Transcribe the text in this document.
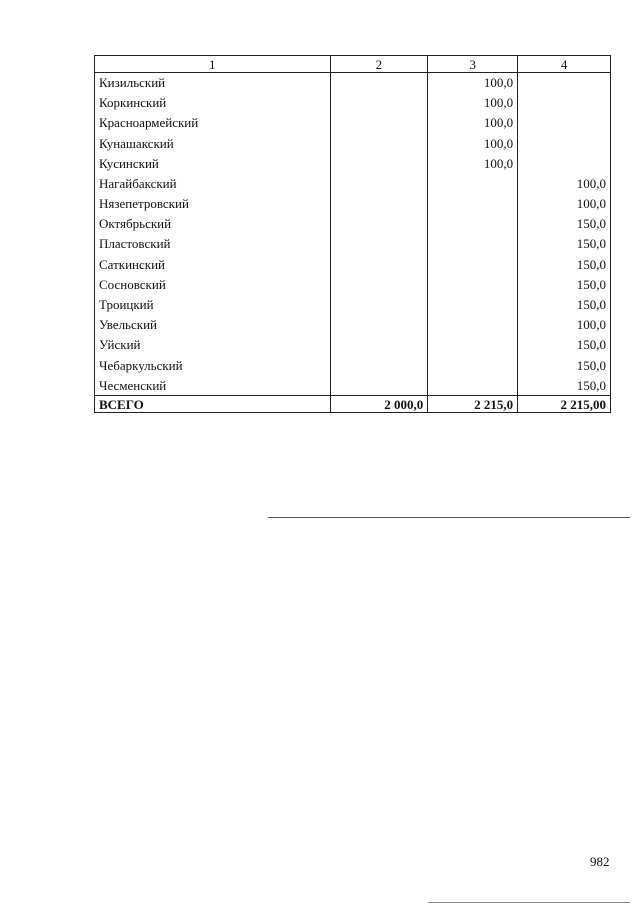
1	2	3	4
Кизильский		100,0	
Коркинский		100,0	
Красноармейский		100,0	
Кунашакский		100,0	
Кусинский		100,0	
Нагайбакский			100,0
Нязепетровский			100,0
Октябрьский			150,0
Пластовский			150,0
Саткинский			150,0
Сосновский			150,0
Троицкий			150,0
Увельский			100,0
Уйский			150,0
Чебаркульский			150,0
Чесменский			150,0
ВСЕГО	2 000,0	2 215,0	2 215,00
982
